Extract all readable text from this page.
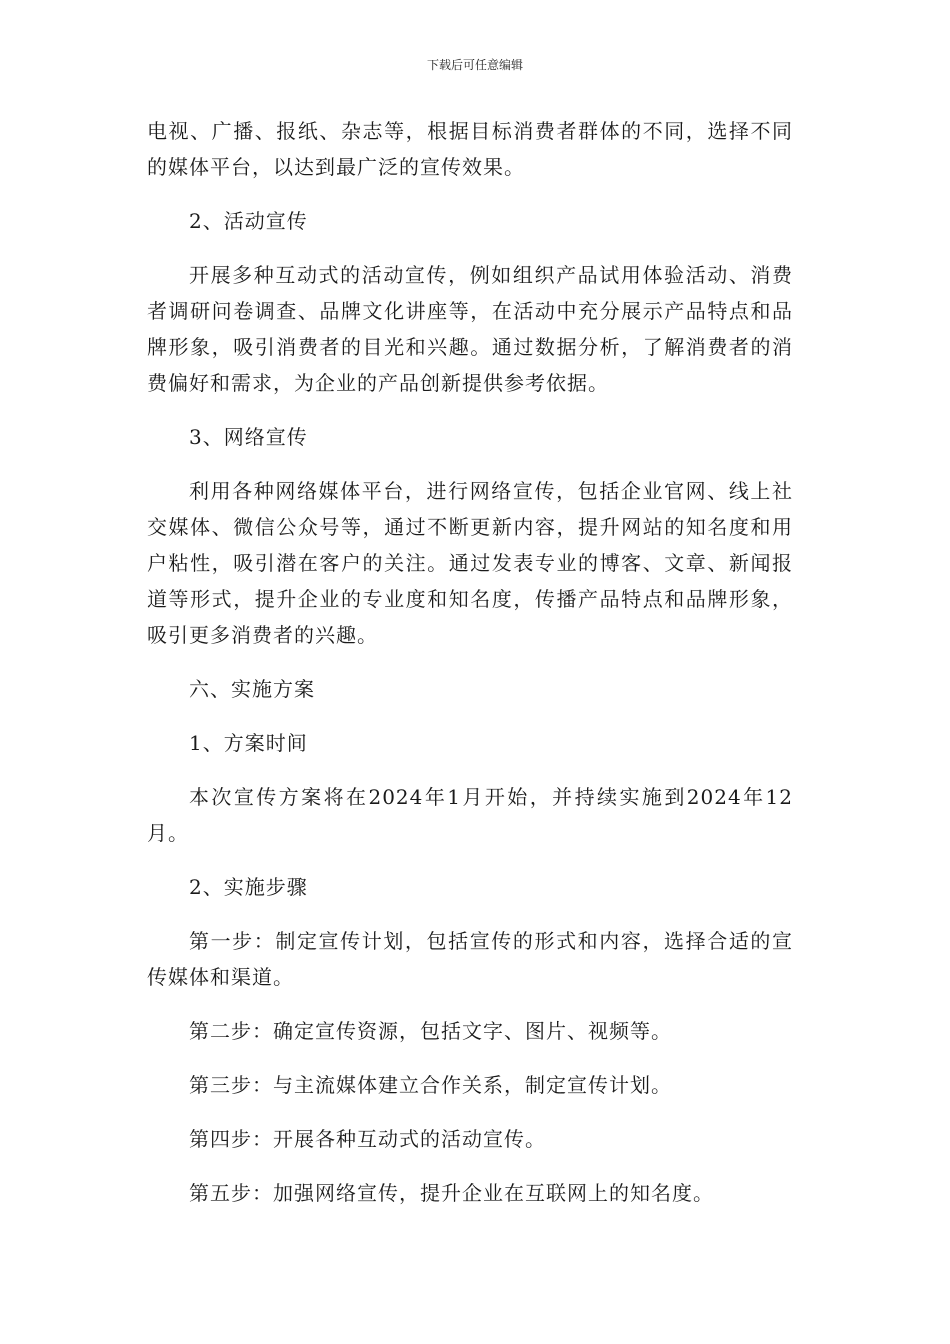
下载后可任意编辑

电视、广播、报纸、杂志等，根据目标消费者群体的不同，选择不同的媒体平台，以达到最广泛的宣传效果。

2、活动宣传

开展多种互动式的活动宣传，例如组织产品试用体验活动、消费者调研问卷调查、品牌文化讲座等，在活动中充分展示产品特点和品牌形象，吸引消费者的目光和兴趣。通过数据分析，了解消费者的消费偏好和需求，为企业的产品创新提供参考依据。

3、网络宣传

利用各种网络媒体平台，进行网络宣传，包括企业官网、线上社交媒体、微信公众号等，通过不断更新内容，提升网站的知名度和用户粘性，吸引潜在客户的关注。通过发表专业的博客、文章、新闻报道等形式，提升企业的专业度和知名度，传播产品特点和品牌形象，吸引更多消费者的兴趣。

六、实施方案

1、方案时间

本次宣传方案将在2024年1月开始，并持续实施到2024年12月。

2、实施步骤

第一步：制定宣传计划，包括宣传的形式和内容，选择合适的宣传媒体和渠道。

第二步：确定宣传资源，包括文字、图片、视频等。

第三步：与主流媒体建立合作关系，制定宣传计划。

第四步：开展各种互动式的活动宣传。

第五步：加强网络宣传，提升企业在互联网上的知名度。
